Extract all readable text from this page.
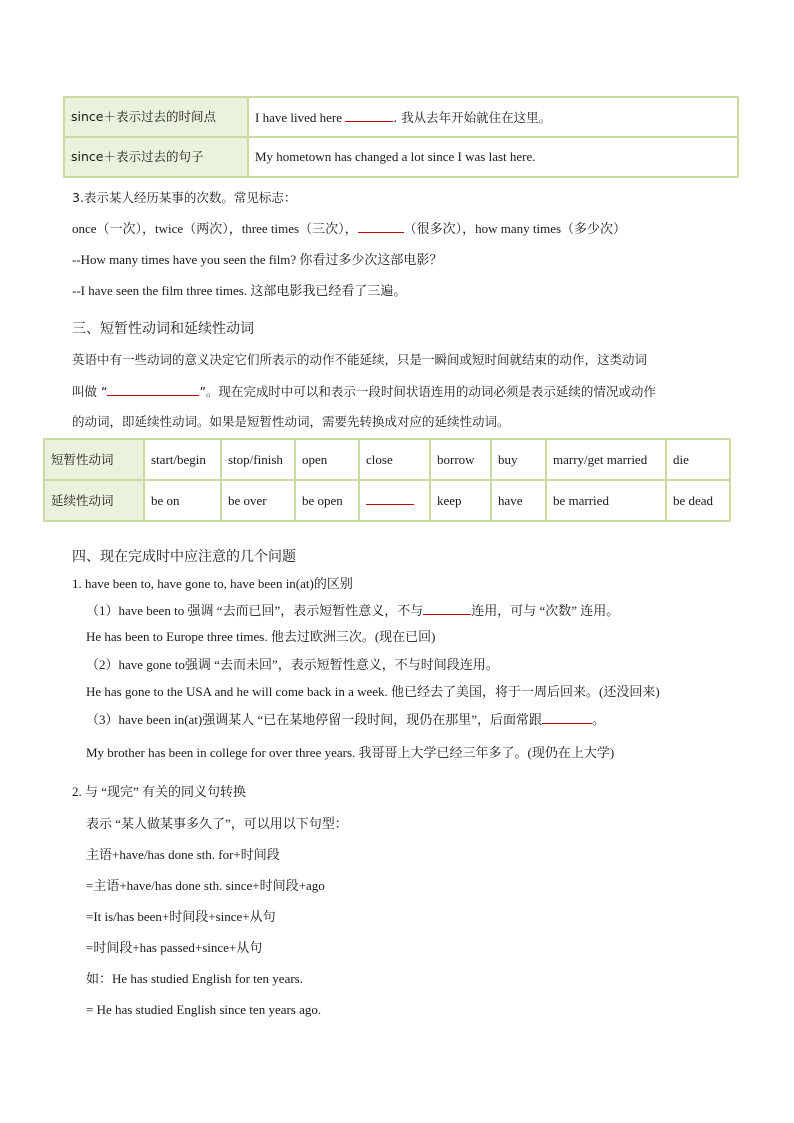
since＋表示过去的时间点	I have lived here . 我从去年开始就住在这里。
since＋表示过去的句子	My hometown has changed a lot since I was last here.
3.表示某人经历某事的次数。常见标志：
once（一次），twice（两次），three times（三次），	（很多次），how many times（多少次）
--How many times have you seen the film? 你看过多少次这部电影？
--I have seen the film three times. 这部电影我已经看了三遍。
三、短暂性动词和延续性动词
英语中有一些动词的意义决定它们所表示的动作不能延续，只是一瞬间或短时间就结束的动作，这类动词
叫做 “	”。现在完成时中可以和表示一段时间状语连用的动词必须是表示延续的情况或动作
的动词，即延续性动词。如果是短暂性动词，需要先转换成对应的延续性动词。
短暂性动词	start/begin	stop/finish	open	close	borrow	buy	marry/get married	die
延续性动词	be on	be over	be open		keep	have	be married	be dead
四、现在完成时中应注意的几个问题
1. have been to, have gone to, have been in(at)的区别
（1）have been to 强调 “去而已回”，表示短暂性意义，不与	连用，可与 “次数” 连用。
He has been to Europe three times. 他去过欧洲三次。(现在已回)
（2）have gone to强调 “去而未回”，表示短暂性意义，不与时间段连用。
He has gone to the USA and he will come back in a week. 他已经去了美国，将于一周后回来。(还没回来)
（3）have been in(at)强调某人 “已在某地停留一段时间，现仍在那里”，后面常跟	。
My brother has been in college for over three years. 我哥哥上大学已经三年多了。(现仍在上大学)
2. 与 “现完” 有关的同义句转换
表示 “某人做某事多久了”，可以用以下句型：
主语+have/has done sth. for+时间段
=主语+have/has done sth. since+时间段+ago
=It is/has been+时间段+since+从句
=时间段+has passed+since+从句
如：He has studied English for ten years.
= He has studied English since ten years ago.
